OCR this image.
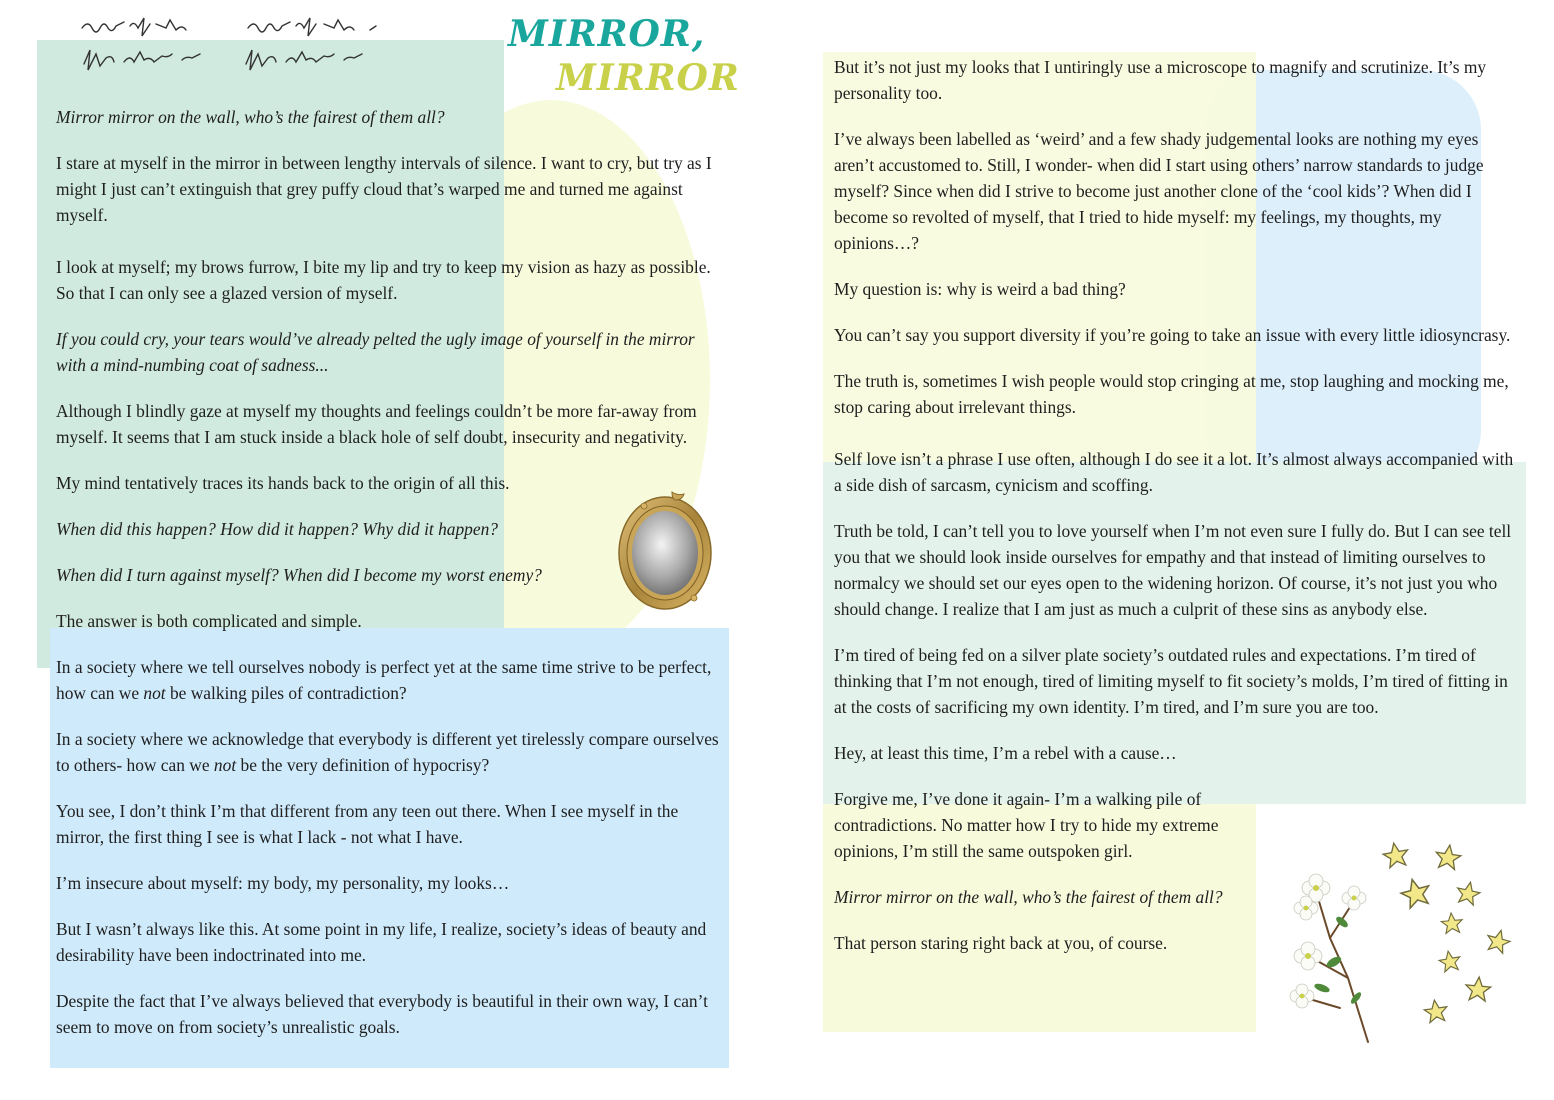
MIRROR,
MIRROR

Mirror mirror on the wall, who’s the fairest of them all?

I stare at myself in the mirror in between lengthy intervals of silence. I want to cry, but try as I might I just can’t extinguish that grey puffy cloud that’s warped me and turned me against myself.

I look at myself; my brows furrow, I bite my lip and try to keep my vision as hazy as possible. So that I can only see a glazed version of myself.

If you could cry, your tears would’ve already pelted the ugly image of yourself in the mirror with a mind-numbing coat of sadness...

Although I blindly gaze at myself my thoughts and feelings couldn’t be more far-away from myself. It seems that I am stuck inside a black hole of self doubt, insecurity and negativity.

My mind tentatively traces its hands back to the origin of all this.

When did this happen? How did it happen? Why did it happen?

When did I turn against myself? When did I become my worst enemy?

The answer is both complicated and simple.

In a society where we tell ourselves nobody is perfect yet at the same time strive to be perfect, how can we not be walking piles of contradiction?

In a society where we acknowledge that everybody is different yet tirelessly compare ourselves to others- how can we not be the very definition of hypocrisy?

You see, I don’t think I’m that different from any teen out there. When I see myself in the mirror, the first thing I see is what I lack - not what I have.

I’m insecure about myself: my body, my personality, my looks…

But I wasn’t always like this. At some point in my life, I realize, society’s ideas of beauty and desirability have been indoctrinated into me.

Despite the fact that I’ve always believed that everybody is beautiful in their own way, I can’t seem to move on from society’s unrealistic goals.

But it’s not just my looks that I untiringly use a microscope to magnify and scrutinize. It’s my personality too.

I’ve always been labelled as ‘weird’ and a few shady judgemental looks are nothing my eyes aren’t accustomed to. Still, I wonder- when did I start using others’ narrow standards to judge myself? Since when did I strive to become just another clone of the ‘cool kids’? When did I become so revolted of myself, that I tried to hide myself: my feelings, my thoughts, my opinions…?

My question is: why is weird a bad thing?

You can’t say you support diversity if you’re going to take an issue with every little idiosyncrasy.

The truth is, sometimes I wish people would stop cringing at me, stop laughing and mocking me, stop caring about irrelevant things.

Self love isn’t a phrase I use often, although I do see it a lot. It’s almost always accompanied with a side dish of sarcasm, cynicism and scoffing.

Truth be told, I can’t tell you to love yourself when I’m not even sure I fully do. But I can see tell you that we should look inside ourselves for empathy and that instead of limiting ourselves to normalcy we should set our eyes open to the widening horizon. Of course, it’s not just you who should change. I realize that I am just as much a culprit of these sins as anybody else.

I’m tired of being fed on a silver plate society’s outdated rules and expectations. I’m tired of thinking that I’m not enough, tired of limiting myself to fit society’s molds, I’m tired of fitting in at the costs of sacrificing my own identity. I’m tired, and I’m sure you are too.

Hey, at least this time, I’m a rebel with a cause…

Forgive me, I’ve done it again- I’m a walking pile of contradictions. No matter how I try to hide my extreme opinions, I’m still the same outspoken girl.

Mirror mirror on the wall, who’s the fairest of them all?

That person staring right back at you, of course.
